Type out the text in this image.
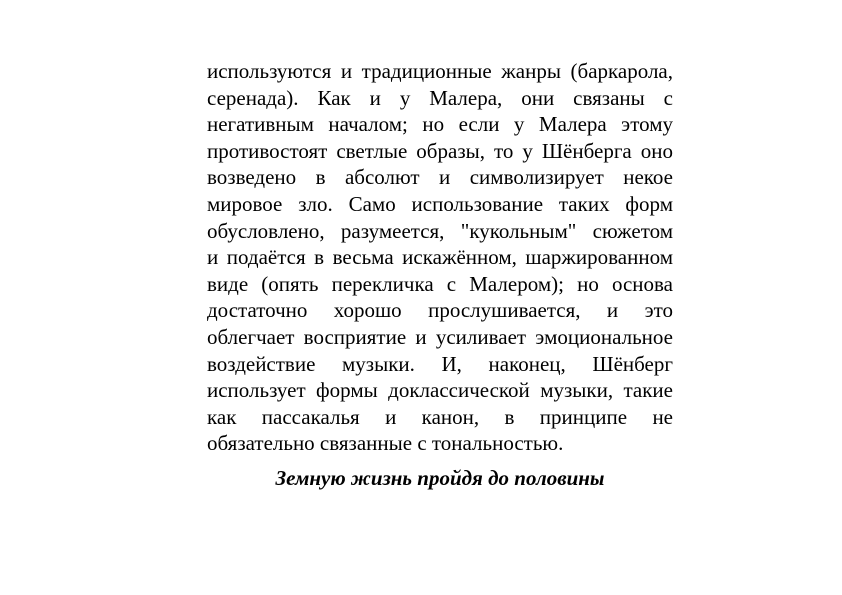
используются и традиционные жанры (баркарола,
серенада). Как и у Малера, они связаны с
негативным началом; но если у Малера этому
противостоят светлые образы, то у Шёнберга оно
возведено в абсолют и символизирует некое
мировое зло. Само использование таких форм
обусловлено, разумеется, "кукольным" сюжетом
и подаётся в весьма искажённом, шаржированном
виде (опять перекличка с Малером); но основа
достаточно хорошо прослушивается, и это
облегчает восприятие и усиливает эмоциональное
воздействие музыки. И, наконец, Шёнберг
использует формы доклассической музыки, такие
как пассакалья и канон, в принципе не
обязательно связанные с тональностью.
Земную жизнь пройдя до половины
